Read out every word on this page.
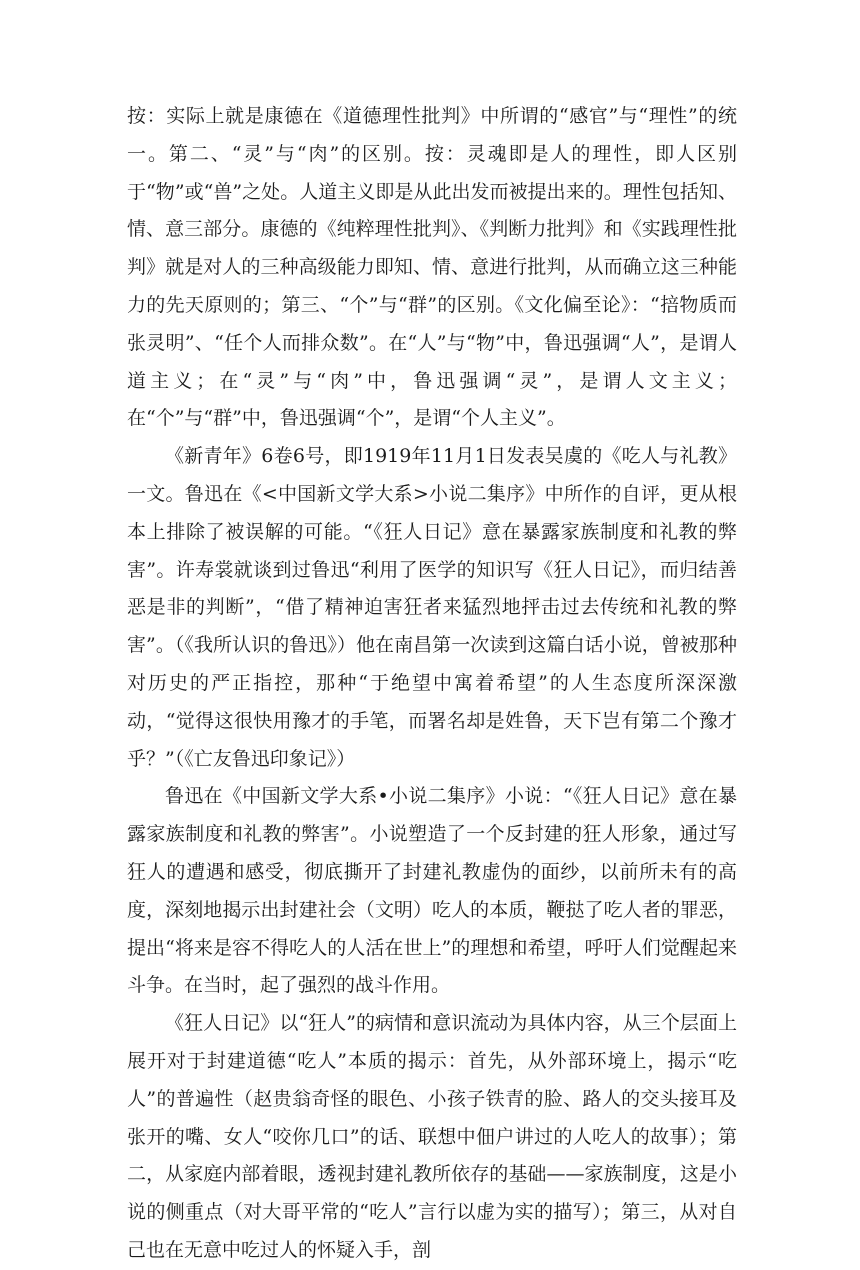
按：实际上就是康德在《道德理性批判》中所谓的“感官”与“理性”的统一。第二、“灵”与“肉”的区别。按：灵魂即是人的理性，即人区别于“物”或“兽”之处。人道主义即是从此出发而被提出来的。理性包括知、情、意三部分。康德的《纯粹理性批判》、《判断力批判》和《实践理性批判》就是对人的三种高级能力即知、情、意进行批判，从而确立这三种能力的先天原则的；第三、“个”与“群”的区别。《文化偏至论》：“掊物质而张灵明”、“任个人而排众数”。在“人”与“物”中，鲁迅强调“人”，是谓人道主义；在“灵”与“肉”中，鲁迅强调“灵”，是谓人文主义；在“个”与“群”中，鲁迅强调“个”，是谓“个人主义”。

《新青年》6卷6号，即1919年11月1日发表吴虞的《吃人与礼教》一文。鲁迅在《<中国新文学大系>小说二集序》中所作的自评，更从根本上排除了被误解的可能。“《狂人日记》意在暴露家族制度和礼教的弊害”。许寿裳就谈到过鲁迅“利用了医学的知识写《狂人日记》，而归结善恶是非的判断”，“借了精神迫害狂者来猛烈地抨击过去传统和礼教的弊害”。（《我所认识的鲁迅》）他在南昌第一次读到这篇白话小说，曾被那种对历史的严正指控，那种“于绝望中寓着希望”的人生态度所深深激动，“觉得这很快用豫才的手笔，而署名却是姓鲁，天下岂有第二个豫才乎？”（《亡友鲁迅印象记》）

鲁迅在《中国新文学大系•小说二集序》小说：“《狂人日记》意在暴露家族制度和礼教的弊害”。小说塑造了一个反封建的狂人形象，通过写狂人的遭遇和感受，彻底撕开了封建礼教虚伪的面纱，以前所未有的高度，深刻地揭示出封建社会（文明）吃人的本质，鞭挞了吃人者的罪恶，提出“将来是容不得吃人的人活在世上”的理想和希望，呼吁人们觉醒起来斗争。在当时，起了强烈的战斗作用。

《狂人日记》以“狂人”的病情和意识流动为具体内容，从三个层面上展开对于封建道德“吃人”本质的揭示：首先，从外部环境上，揭示“吃人”的普遍性（赵贵翁奇怪的眼色、小孩子铁青的脸、路人的交头接耳及张开的嘴、女人“咬你几口”的话、联想中佃户讲过的人吃人的故事）；第二，从家庭内部着眼，透视封建礼教所依存的基础——家族制度，这是小说的侧重点（对大哥平常的“吃人”言行以虚为实的描写）；第三，从对自己也在无意中吃过人的怀疑入手，剖
